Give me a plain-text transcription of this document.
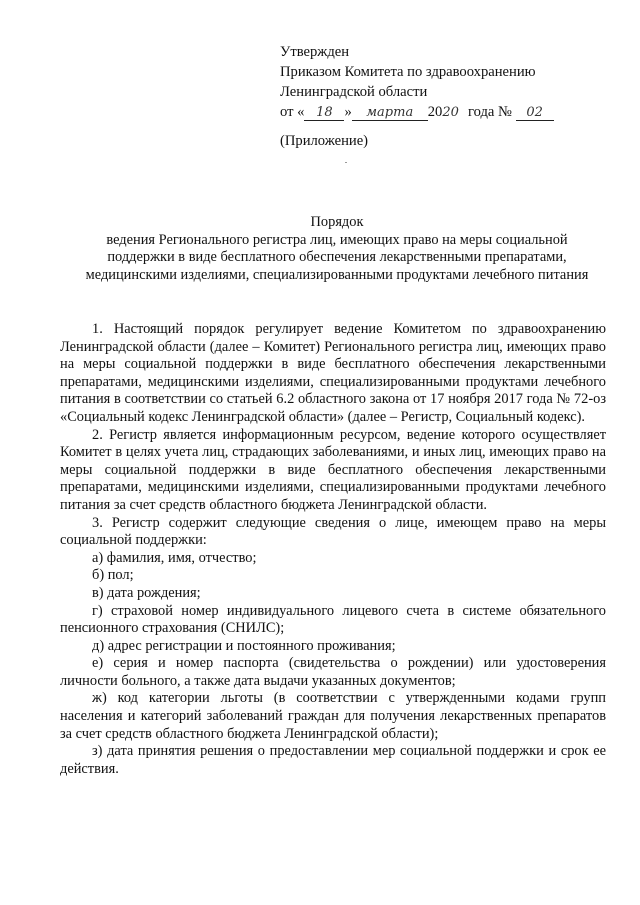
Утвержден
Приказом Комитета по здравоохранению
Ленинградской области
от « 18 » марта 2020 года № 02
(Приложение)
Порядок
ведения Регионального регистра лиц, имеющих право на меры социальной поддержки в виде бесплатного обеспечения лекарственными препаратами, медицинскими изделиями, специализированными продуктами лечебного питания

1. Настоящий порядок регулирует ведение Комитетом по здравоохранению Ленинградской области (далее – Комитет) Регионального регистра лиц, имеющих право на меры социальной поддержки в виде бесплатного обеспечения лекарственными препаратами, медицинскими изделиями, специализированными продуктами лечебного питания в соответствии со статьей 6.2 областного закона от 17 ноября 2017 года № 72-оз «Социальный кодекс Ленинградской области» (далее – Регистр, Социальный кодекс).

2. Регистр является информационным ресурсом, ведение которого осуществляет Комитет в целях учета лиц, страдающих заболеваниями, и иных лиц, имеющих право на меры социальной поддержки в виде бесплатного обеспечения лекарственными препаратами, медицинскими изделиями, специализированными продуктами лечебного питания за счет средств областного бюджета Ленинградской области.

3. Регистр содержит следующие сведения о лице, имеющем право на меры социальной поддержки:

а) фамилия, имя, отчество;

б) пол;

в) дата рождения;

г) страховой номер индивидуального лицевого счета в системе обязательного пенсионного страхования (СНИЛС);

д) адрес регистрации и постоянного проживания;

е) серия и номер паспорта (свидетельства о рождении) или удостоверения личности больного, а также дата выдачи указанных документов;

ж) код категории льготы (в соответствии с утвержденными кодами групп населения и категорий заболеваний граждан для получения лекарственных препаратов за счет средств областного бюджета Ленинградской области);

з) дата принятия решения о предоставлении мер социальной поддержки и срок ее действия.
